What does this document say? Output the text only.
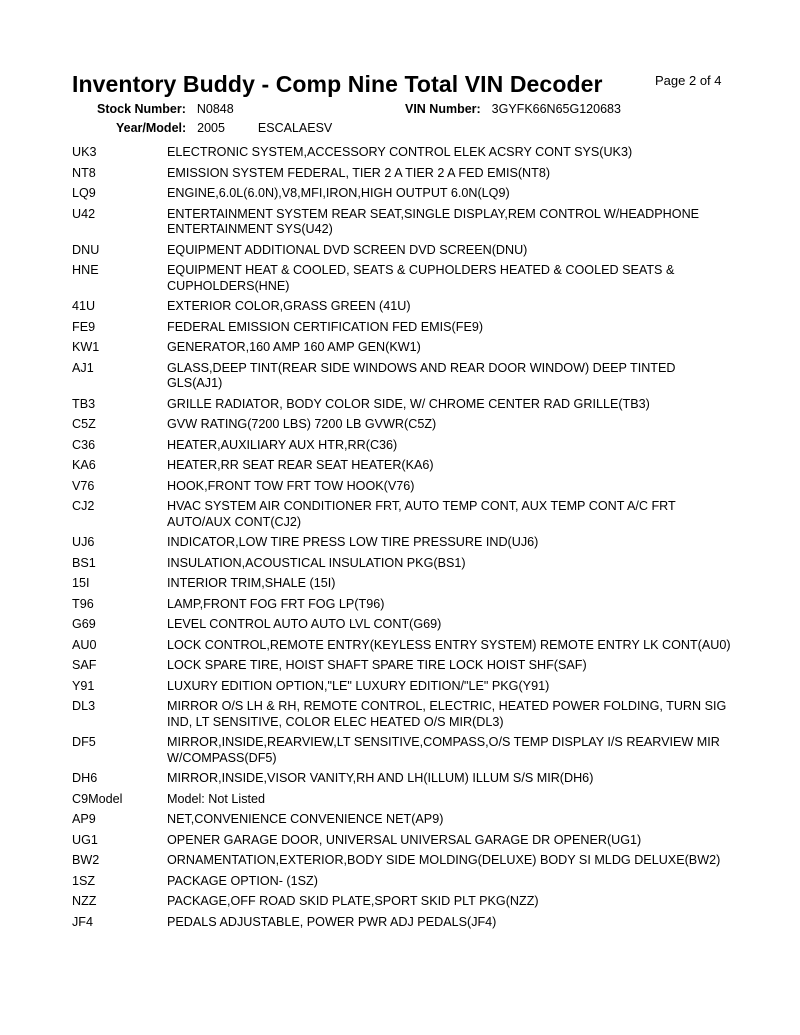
Inventory Buddy - Comp Nine Total VIN Decoder	Page 2 of 4
Stock Number: N0848	VIN Number: 3GYFK66N65G120683
Year/Model: 2005	ESCALAESV
UK3	ELECTRONIC SYSTEM,ACCESSORY CONTROL ELEK ACSRY CONT SYS(UK3)
NT8	EMISSION SYSTEM FEDERAL, TIER 2 A TIER 2 A FED EMIS(NT8)
LQ9	ENGINE,6.0L(6.0N),V8,MFI,IRON,HIGH OUTPUT 6.0N(LQ9)
U42	ENTERTAINMENT SYSTEM REAR SEAT,SINGLE DISPLAY,REM CONTROL W/HEADPHONE ENTERTAINMENT SYS(U42)
DNU	EQUIPMENT ADDITIONAL DVD SCREEN DVD SCREEN(DNU)
HNE	EQUIPMENT HEAT & COOLED, SEATS & CUPHOLDERS HEATED & COOLED SEATS & CUPHOLDERS(HNE)
41U	EXTERIOR COLOR,GRASS GREEN (41U)
FE9	FEDERAL EMISSION CERTIFICATION FED EMIS(FE9)
KW1	GENERATOR,160 AMP 160 AMP GEN(KW1)
AJ1	GLASS,DEEP TINT(REAR SIDE WINDOWS AND REAR DOOR WINDOW) DEEP TINTED GLS(AJ1)
TB3	GRILLE RADIATOR, BODY COLOR SIDE, W/ CHROME CENTER RAD GRILLE(TB3)
C5Z	GVW RATING(7200 LBS) 7200 LB GVWR(C5Z)
C36	HEATER,AUXILIARY AUX HTR,RR(C36)
KA6	HEATER,RR SEAT REAR SEAT HEATER(KA6)
V76	HOOK,FRONT TOW FRT TOW HOOK(V76)
CJ2	HVAC SYSTEM AIR CONDITIONER FRT, AUTO TEMP CONT, AUX TEMP CONT A/C FRT AUTO/AUX CONT(CJ2)
UJ6	INDICATOR,LOW TIRE PRESS LOW TIRE PRESSURE IND(UJ6)
BS1	INSULATION,ACOUSTICAL INSULATION PKG(BS1)
15I	INTERIOR TRIM,SHALE (15I)
T96	LAMP,FRONT FOG FRT FOG LP(T96)
G69	LEVEL CONTROL AUTO AUTO LVL CONT(G69)
AU0	LOCK CONTROL,REMOTE ENTRY(KEYLESS ENTRY SYSTEM) REMOTE ENTRY LK CONT(AU0)
SAF	LOCK SPARE TIRE, HOIST SHAFT SPARE TIRE LOCK HOIST SHF(SAF)
Y91	LUXURY EDITION OPTION,"LE" LUXURY EDITION/"LE" PKG(Y91)
DL3	MIRROR O/S LH & RH, REMOTE CONTROL, ELECTRIC, HEATED POWER FOLDING, TURN SIG IND, LT SENSITIVE, COLOR ELEC HEATED O/S MIR(DL3)
DF5	MIRROR,INSIDE,REARVIEW,LT SENSITIVE,COMPASS,O/S TEMP DISPLAY I/S REARVIEW MIR W/COMPASS(DF5)
DH6	MIRROR,INSIDE,VISOR VANITY,RH AND LH(ILLUM) ILLUM S/S MIR(DH6)
C9Model	Model: Not Listed
AP9	NET,CONVENIENCE CONVENIENCE NET(AP9)
UG1	OPENER GARAGE DOOR, UNIVERSAL UNIVERSAL GARAGE DR OPENER(UG1)
BW2	ORNAMENTATION,EXTERIOR,BODY SIDE MOLDING(DELUXE) BODY SI MLDG DELUXE(BW2)
1SZ	PACKAGE OPTION- (1SZ)
NZZ	PACKAGE,OFF ROAD SKID PLATE,SPORT SKID PLT PKG(NZZ)
JF4	PEDALS ADJUSTABLE, POWER PWR ADJ PEDALS(JF4)
